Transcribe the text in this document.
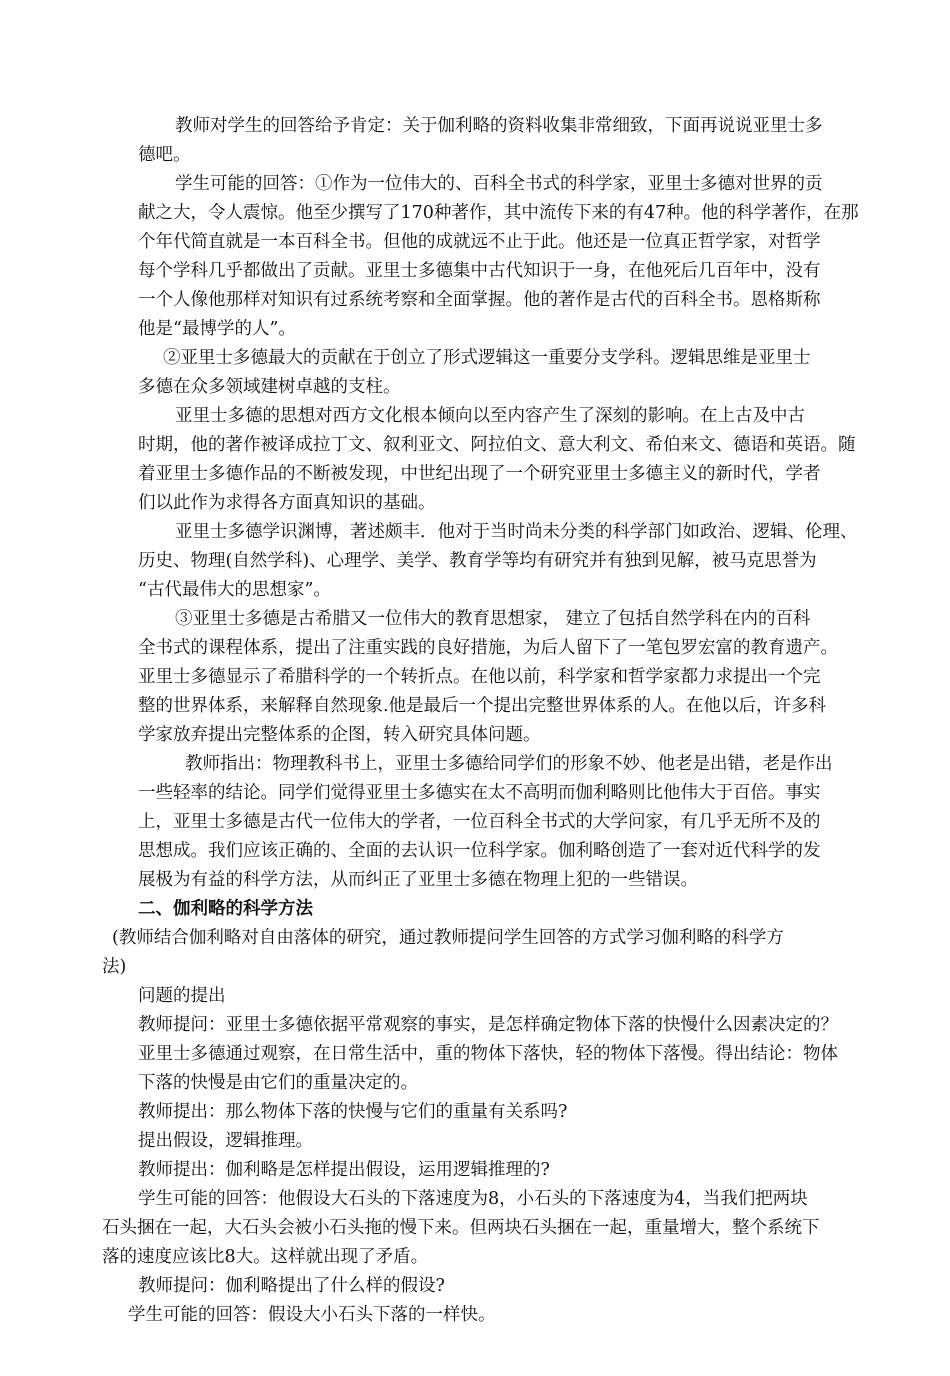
教师对学生的回答给予肯定：关于伽利略的资料收集非常细致，下面再说说亚里士多
德吧。
学生可能的回答：①作为一位伟大的、百科全书式的科学家，亚里士多德对世界的贡
献之大，令人震惊。他至少撰写了170种著作，其中流传下来的有47种。他的科学著作，在那
个年代简直就是一本百科全书。但他的成就远不止于此。他还是一位真正哲学家，对哲学
每个学科几乎都做出了贡献。亚里士多德集中古代知识于一身，在他死后几百年中，没有
一个人像他那样对知识有过系统考察和全面掌握。他的著作是古代的百科全书。恩格斯称
他是“最博学的人”。
②亚里士多德最大的贡献在于创立了形式逻辑这一重要分支学科。逻辑思维是亚里士
多德在众多领域建树卓越的支柱。
亚里士多德的思想对西方文化根本倾向以至内容产生了深刻的影响。在上古及中古
时期，他的著作被译成拉丁文、叙利亚文、阿拉伯文、意大利文、希伯来文、德语和英语。随
着亚里士多德作品的不断被发现，中世纪出现了一个研究亚里士多德主义的新时代，学者
们以此作为求得各方面真知识的基础。
亚里士多德学识渊博，著述颇丰．他对于当时尚未分类的科学部门如政治、逻辑、伦理、
历史、物理(自然学科)、心理学、美学、教育学等均有研究并有独到见解，被马克思誉为
“古代最伟大的思想家”。
③亚里士多德是古希腊又一位伟大的教育思想家， 建立了包括自然学科在内的百科
全书式的课程体系，提出了注重实践的良好措施，为后人留下了一笔包罗宏富的教育遗产。
亚里士多德显示了希腊科学的一个转折点。在他以前，科学家和哲学家都力求提出一个完
整的世界体系，来解释自然现象.他是最后一个提出完整世界体系的人。在他以后，许多科
学家放弃提出完整体系的企图，转入研究具体问题。
教师指出：物理教科书上，亚里士多德给同学们的形象不妙、他老是出错，老是作出
一些轻率的结论。同学们觉得亚里士多德实在太不高明而伽利略则比他伟大于百倍。事实
上，亚里士多德是古代一位伟大的学者，一位百科全书式的大学问家，有几乎无所不及的
思想成。我们应该正确的、全面的去认识一位科学家。伽利略创造了一套对近代科学的发
展极为有益的科学方法，从而纠正了亚里士多德在物理上犯的一些错误。
二、伽利略的科学方法
(教师结合伽利略对自由落体的研究，通过教师提问学生回答的方式学习伽利略的科学方
法)
问题的提出
教师提问：亚里士多德依据平常观察的事实，是怎样确定物体下落的快慢什么因素决定的？
亚里士多德通过观察，在日常生活中，重的物体下落快，轻的物体下落慢。得出结论：物体
下落的快慢是由它们的重量决定的。
教师提出：那么物体下落的快慢与它们的重量有关系吗?
提出假设，逻辑推理。
教师提出：伽利略是怎样提出假设，运用逻辑推理的?
学生可能的回答：他假设大石头的下落速度为8，小石头的下落速度为4，当我们把两块
石头捆在一起，大石头会被小石头拖的慢下来。但两块石头捆在一起，重量增大，整个系统下
落的速度应该比8大。这样就出现了矛盾。
教师提问：伽利略提出了什么样的假设?
学生可能的回答：假设大小石头下落的一样快。
